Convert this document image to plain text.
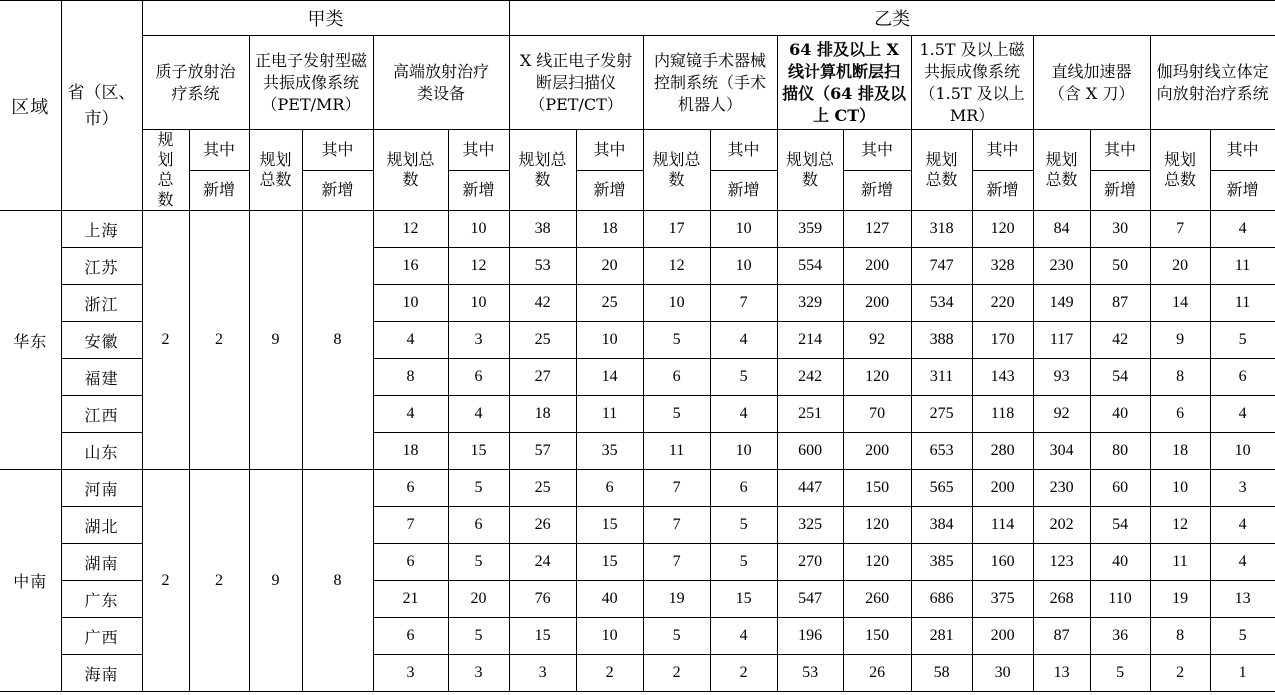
区域	省（区、市）	甲类						乙类											
		质子放射治疗系统		正电子发射型磁共振成像系统（PET/MR）		高端放射治疗类设备		X 线正电子发射断层扫描仪（PET/CT）		内窥镜手术器械控制系统（手术机器人）		64 排及以上 X 线计算机断层扫描仪（64 排及以上 CT）		1.5T 及以上磁共振成像系统（1.5T 及以上 MR）		直线加速器（含 X 刀）		伽玛射线立体定向放射治疗系统	
		规划总数	其中	规划总数	其中	规划总数	其中	规划总数	其中	规划总数	其中	规划总数	其中	规划总数	其中	规划总数	其中	规划总数	其中
			新增		新增		新增		新增		新增		新增		新增		新增		新增
华东	上海	2	2	9	8	12	10	38	18	17	10	359	127	318	120	84	30	7	4
	江苏					16	12	53	20	12	10	554	200	747	328	230	50	20	11
	浙江					10	10	42	25	10	7	329	200	534	220	149	87	14	11
	安徽					4	3	25	10	5	4	214	92	388	170	117	42	9	5
	福建					8	6	27	14	6	5	242	120	311	143	93	54	8	6
	江西					4	4	18	11	5	4	251	70	275	118	92	40	6	4
	山东					18	15	57	35	11	10	600	200	653	280	304	80	18	10
中南	河南	2	2	9	8	6	5	25	6	7	6	447	150	565	200	230	60	10	3
	湖北					7	6	26	15	7	5	325	120	384	114	202	54	12	4
	湖南					6	5	24	15	7	5	270	120	385	160	123	40	11	4
	广东					21	20	76	40	19	15	547	260	686	375	268	110	19	13
	广西					6	5	15	10	5	4	196	150	281	200	87	36	8	5
	海南					3	3	3	2	2	2	53	26	58	30	13	5	2	1
